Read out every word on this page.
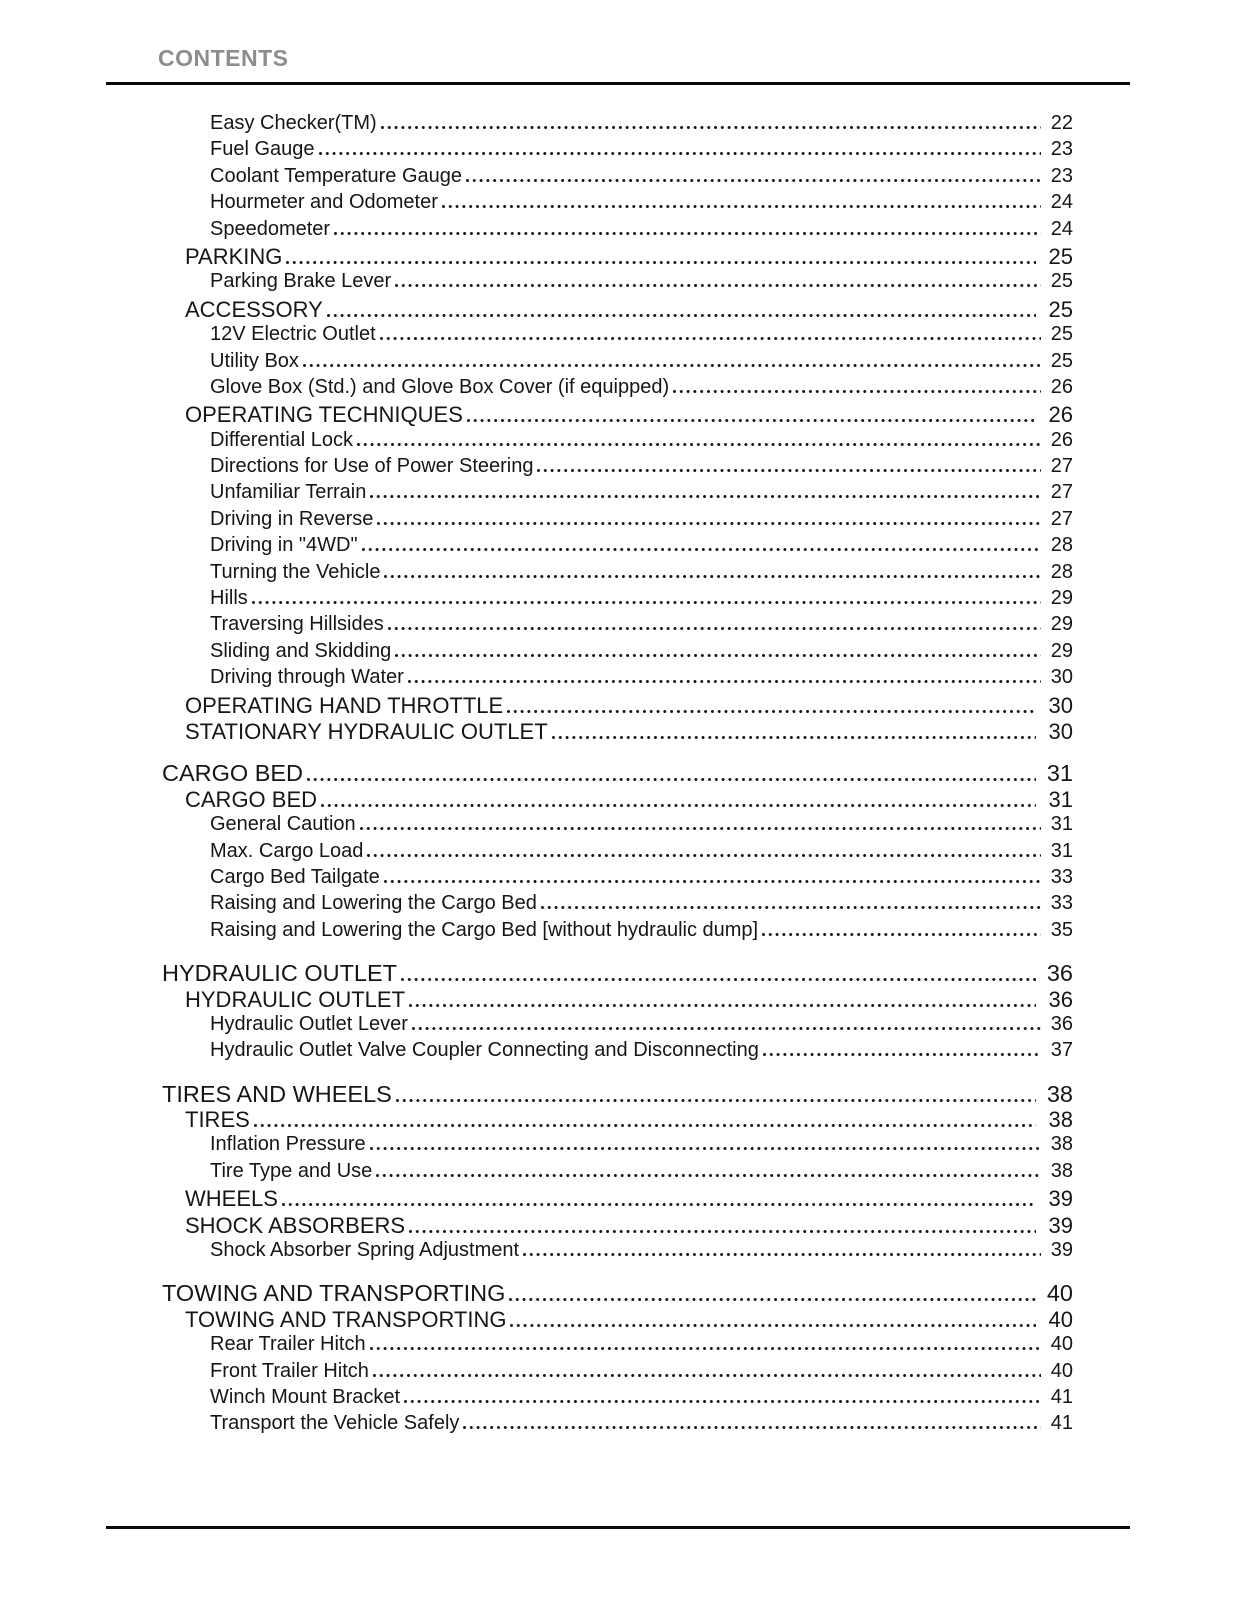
CONTENTS
Easy Checker(TM)	22
Fuel Gauge	23
Coolant Temperature Gauge	23
Hourmeter and Odometer	24
Speedometer	24
PARKING	25
Parking Brake Lever	25
ACCESSORY	25
12V Electric Outlet	25
Utility Box	25
Glove Box (Std.) and Glove Box Cover (if equipped)	26
OPERATING TECHNIQUES	26
Differential Lock	26
Directions for Use of Power Steering	27
Unfamiliar Terrain	27
Driving in Reverse	27
Driving in "4WD"	28
Turning the Vehicle	28
Hills	29
Traversing Hillsides	29
Sliding and Skidding	29
Driving through Water	30
OPERATING HAND THROTTLE	30
STATIONARY HYDRAULIC OUTLET	30
CARGO BED	31
CARGO BED	31
General Caution	31
Max. Cargo Load	31
Cargo Bed Tailgate	33
Raising and Lowering the Cargo Bed	33
Raising and Lowering the Cargo Bed [without hydraulic dump]	35
HYDRAULIC OUTLET	36
HYDRAULIC OUTLET	36
Hydraulic Outlet Lever	36
Hydraulic Outlet Valve Coupler Connecting and Disconnecting	37
TIRES AND WHEELS	38
TIRES	38
Inflation Pressure	38
Tire Type and Use	38
WHEELS	39
SHOCK ABSORBERS	39
Shock Absorber Spring Adjustment	39
TOWING AND TRANSPORTING	40
TOWING AND TRANSPORTING	40
Rear Trailer Hitch	40
Front Trailer Hitch	40
Winch Mount Bracket	41
Transport the Vehicle Safely	41
